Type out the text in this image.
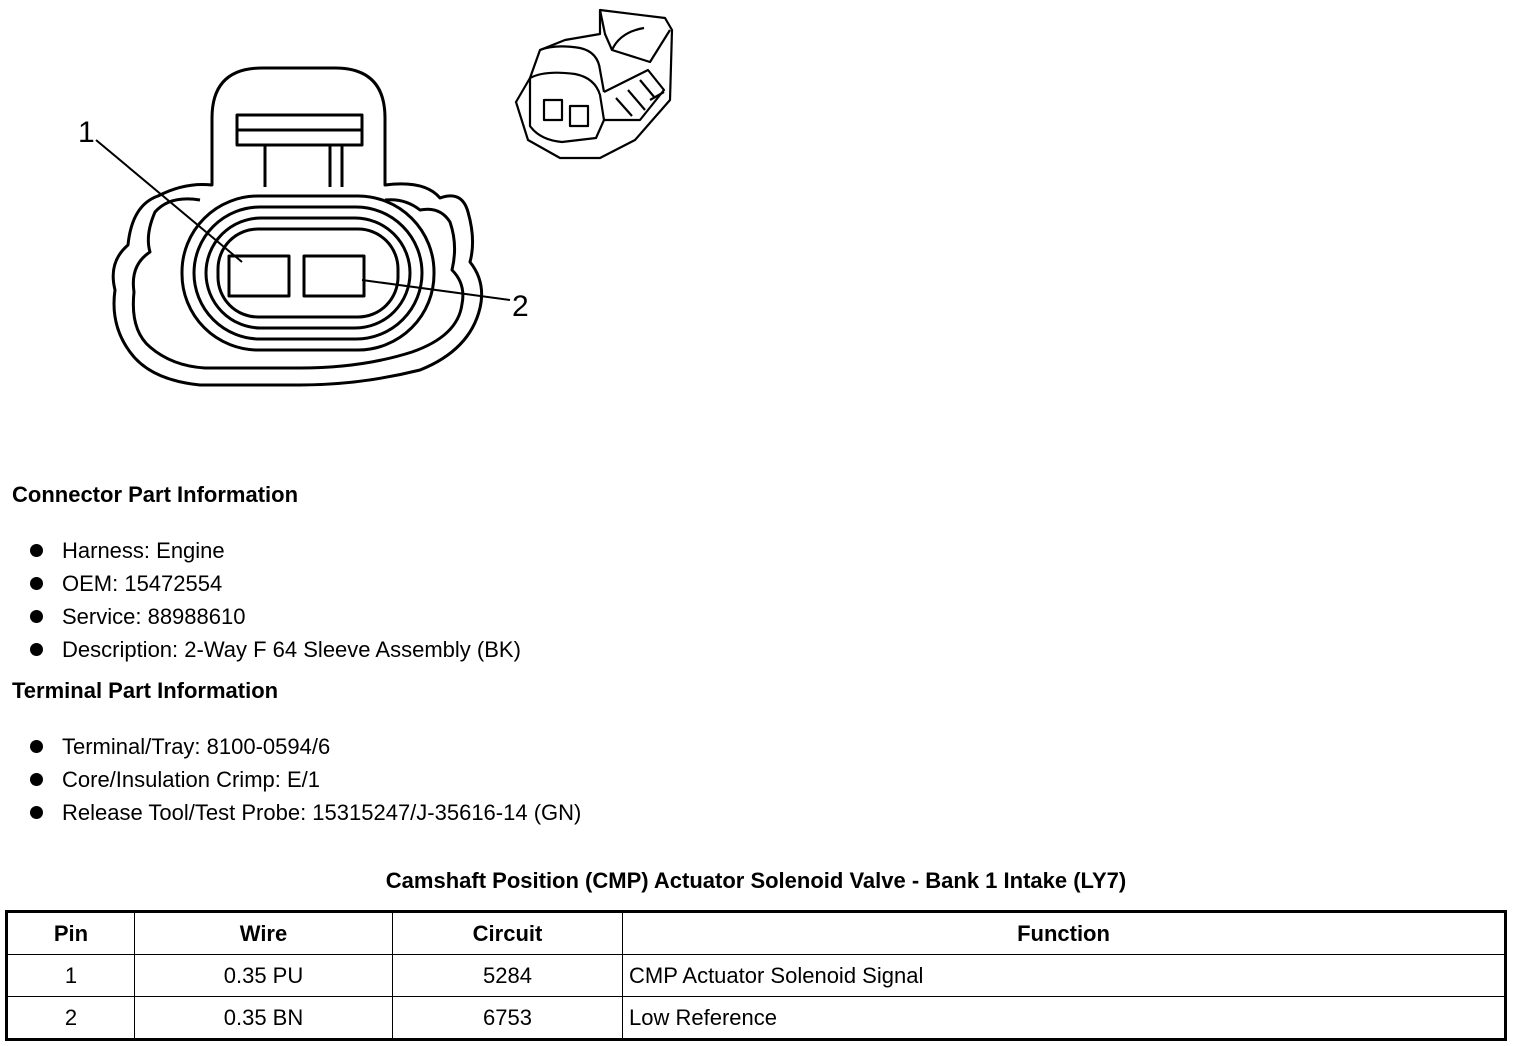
1
2
Connector Part Information
Harness: Engine
OEM: 15472554
Service: 88988610
Description: 2-Way F 64 Sleeve Assembly (BK)
Terminal Part Information
Terminal/Tray: 8100-0594/6
Core/Insulation Crimp: E/1
Release Tool/Test Probe: 15315247/J-35616-14 (GN)
Camshaft Position (CMP) Actuator Solenoid Valve - Bank 1 Intake (LY7)
Pin	Wire	Circuit	Function
1	0.35 PU	5284	CMP Actuator Solenoid Signal
2	0.35 BN	6753	Low Reference
